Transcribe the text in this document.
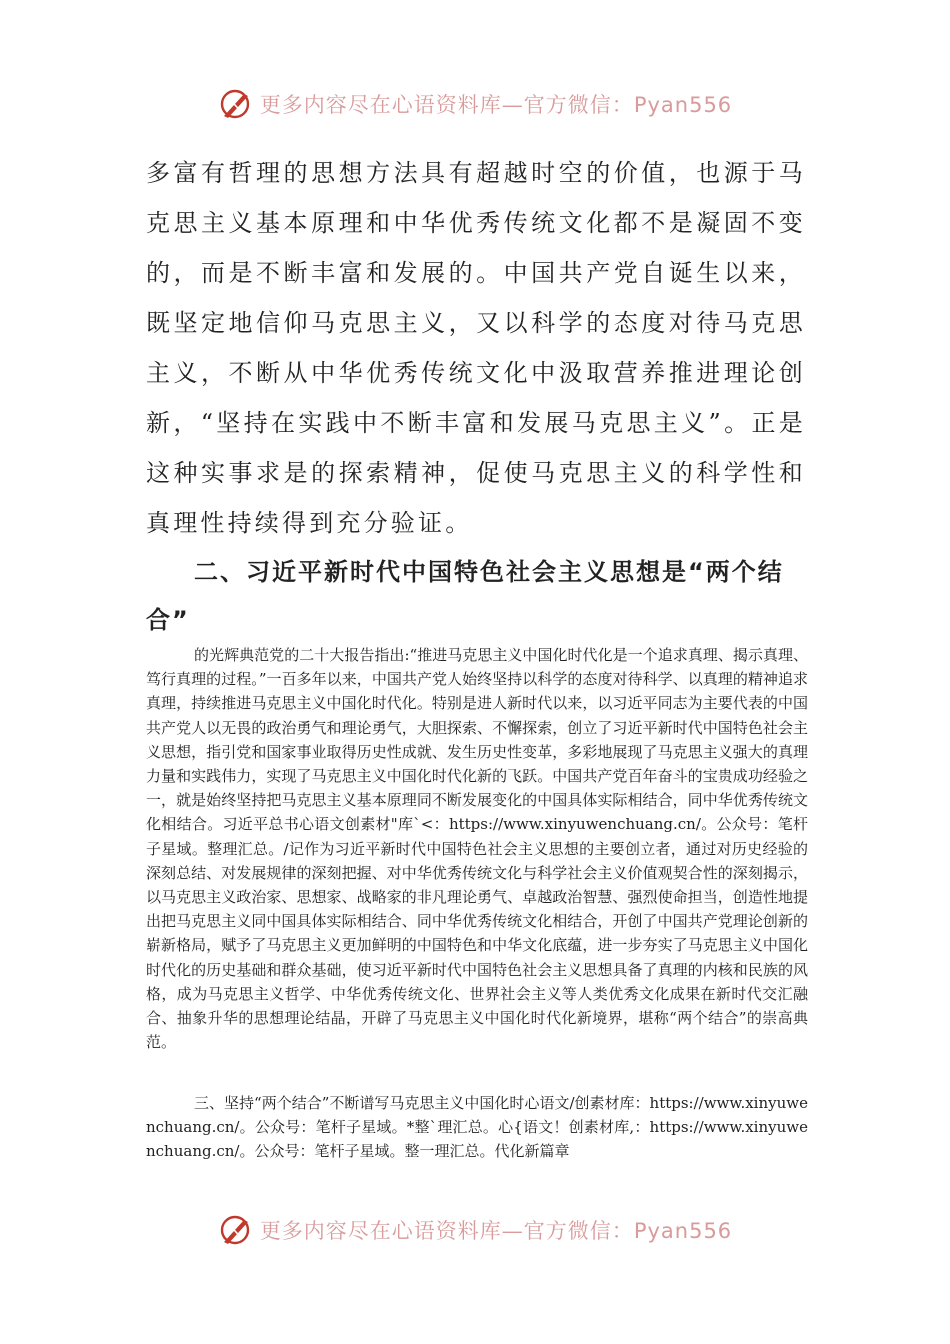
更多内容尽在心语资料库—官方微信：Pyan556

多富有哲理的思想方法具有超越时空的价值，也源于马克思主义基本原理和中华优秀传统文化都不是凝固不变的，而是不断丰富和发展的。中国共产党自诞生以来，既坚定地信仰马克思主义，又以科学的态度对待马克思主义，不断从中华优秀传统文化中汲取营养推进理论创新，“坚持在实践中不断丰富和发展马克思主义”。正是这种实事求是的探索精神，促使马克思主义的科学性和真理性持续得到充分验证。

二、习近平新时代中国特色社会主义思想是“两个结合”

的光辉典范党的二十大报告指出:“推进马克思主义中国化时代化是一个追求真理、揭示真理、笃行真理的过程。”一百多年以来，中国共产党人始终坚持以科学的态度对待科学、以真理的精神追求真理，持续推进马克思主义中国化时代化。特别是进人新时代以来，以习近平同志为主要代表的中国共产党人以无畏的政治勇气和理论勇气，大胆探索、不懈探索，创立了习近平新时代中国特色社会主义思想，指引党和国家事业取得历史性成就、发生历史性变革，多彩地展现了马克思主义强大的真理力量和实践伟力，实现了马克思主义中国化时代化新的飞跃。中国共产党百年奋斗的宝贵成功经验之一，就是始终坚持把马克思主义基本原理同不断发展变化的中国具体实际相结合，同中华优秀传统文化相结合。习近平总书心语文创素材"库`<：https://www.xinyuwenchuang.cn/。公众号：笔杆子星域。整理汇总。/记作为习近平新时代中国特色社会主义思想的主要创立者，通过对历史经验的深刻总结、对发展规律的深刻把握、对中华优秀传统文化与科学社会主义价值观契合性的深刻揭示，以马克思主义政治家、思想家、战略家的非凡理论勇气、卓越政治智慧、强烈使命担当，创造性地提出把马克思主义同中国具体实际相结合、同中华优秀传统文化相结合，开创了中国共产党理论创新的崭新格局，赋予了马克思主义更加鲜明的中国特色和中华文化底蕴，进一步夯实了马克思主义中国化时代化的历史基础和群众基础，使习近平新时代中国特色社会主义思想具备了真理的内核和民族的风格，成为马克思主义哲学、中华优秀传统文化、世界社会主义等人类优秀文化成果在新时代交汇融合、抽象升华的思想理论结晶，开辟了马克思主义中国化时代化新境界，堪称“两个结合”的崇高典范。

三、坚持“两个结合”不断谱写马克思主义中国化时心语文/创素材库：https://www.xinyuwenchuang.cn/。公众号：笔杆子星域。*整`理汇总。心{语文！创素材库,：https://www.xinyuwenchuang.cn/。公众号：笔杆子星域。整一理汇总。代化新篇章

更多内容尽在心语资料库—官方微信：Pyan556
